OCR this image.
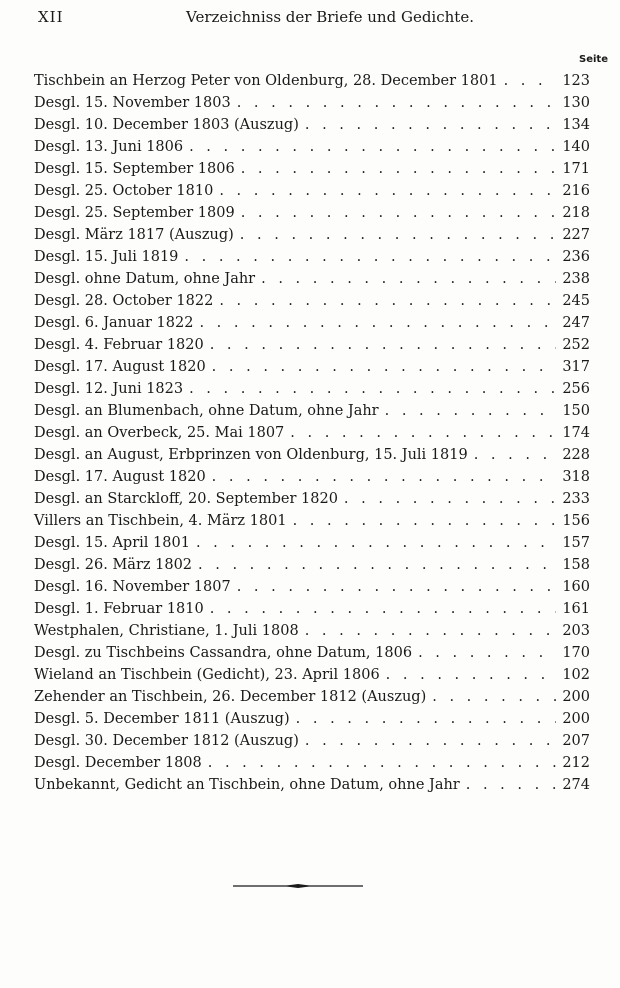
XII	Verzeichniss der Briefe und Gedichte.
Seite
Tischbein an Herzog Peter von Oldenburg, 28. December 1801 . . .	123
Desgl. 15. November 1803 . . .	130
Desgl. 10. December 1803 (Auszug) . . .	134
Desgl. 13. Juni 1806 . . .	140
Desgl. 15. September 1806 . . .	171
Desgl. 25. October 1810 . . .	216
Desgl. 25. September 1809 . . .	218
Desgl. März 1817 (Auszug) . . .	227
Desgl. 15. Juli 1819 . . .	236
Desgl. ohne Datum, ohne Jahr . . .	238
Desgl. 28. October 1822 . . .	245
Desgl. 6. Januar 1822 . . .	247
Desgl. 4. Februar 1820 . . .	252
Desgl. 17. August 1820 . . .	317
Desgl. 12. Juni 1823 . . .	256
Desgl. an Blumenbach, ohne Datum, ohne Jahr . . .	150
Desgl. an Overbeck, 25. Mai 1807 . . .	174
Desgl. an August, Erbprinzen von Oldenburg, 15. Juli 1819 . . .	228
Desgl. 17. August 1820 . . .	318
Desgl. an Starckloff, 20. September 1820 . . .	233
Villers an Tischbein, 4. März 1801 . . .	156
Desgl. 15. April 1801 . . .	157
Desgl. 26. März 1802 . . .	158
Desgl. 16. November 1807 . . .	160
Desgl. 1. Februar 1810 . . .	161
Westphalen, Christiane, 1. Juli 1808 . . .	203
Desgl. zu Tischbeins Cassandra, ohne Datum, 1806 . . .	170
Wieland an Tischbein (Gedicht), 23. April 1806 . . .	102
Zehender an Tischbein, 26. December 1812 (Auszug) . . .	200
Desgl. 5. December 1811 (Auszug) . . .	200
Desgl. 30. December 1812 (Auszug) . . .	207
Desgl. December 1808 . . .	212
Unbekannt, Gedicht an Tischbein, ohne Datum, ohne Jahr . . .	274
